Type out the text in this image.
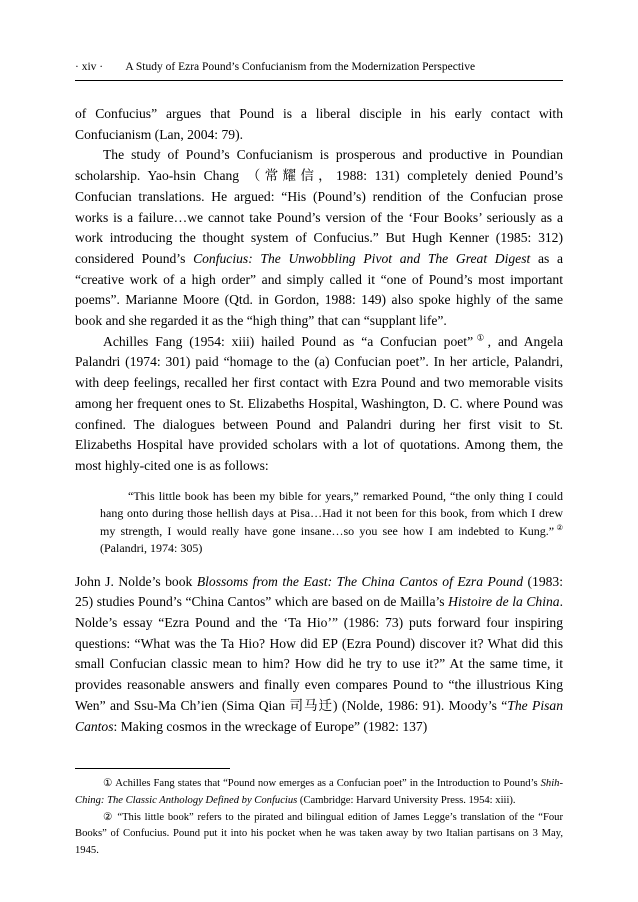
· xiv · A Study of Ezra Pound’s Confucianism from the Modernization Perspective

of Confucius” argues that Pound is a liberal disciple in his early contact with Confucianism (Lan, 2004: 79).

The study of Pound’s Confucianism is prosperous and productive in Poundian scholarship. Yao-hsin Chang （常耀信，1988: 131) completely denied Pound’s Confucian translations. He argued: “His (Pound’s) rendition of the Confucian prose works is a failure…we cannot take Pound’s version of the ‘Four Books’ seriously as a work introducing the thought system of Confucius.” But Hugh Kenner (1985: 312) considered Pound’s Confucius: The Unwobbling Pivot and The Great Digest as a “creative work of a high order” and simply called it “one of Pound’s most important poems”. Marianne Moore (Qtd. in Gordon, 1988: 149) also spoke highly of the same book and she regarded it as the “high thing” that can “supplant life”.

Achilles Fang (1954: xiii) hailed Pound as “a Confucian poet”①, and Angela Palandri (1974: 301) paid “homage to the (a) Confucian poet”. In her article, Palandri, with deep feelings, recalled her first contact with Ezra Pound and two memorable visits among her frequent ones to St. Elizabeths Hospital, Washington, D. C. where Pound was confined. The dialogues between Pound and Palandri during her first visit to St. Elizabeths Hospital have provided scholars with a lot of quotations. Among them, the most highly-cited one is as follows:

“This little book has been my bible for years,” remarked Pound, “the only thing I could hang onto during those hellish days at Pisa…Had it not been for this book, from which I drew my strength, I would really have gone insane…so you see how I am indebted to Kung.”② (Palandri, 1974: 305)

John J. Nolde’s book Blossoms from the East: The China Cantos of Ezra Pound (1983: 25) studies Pound’s “China Cantos” which are based on de Mailla’s Histoire de la China. Nolde’s essay “Ezra Pound and the ‘Ta Hio’” (1986: 73) puts forward four inspiring questions: “What was the Ta Hio? How did EP (Ezra Pound) discover it? What did this small Confucian classic mean to him? How did he try to use it?” At the same time, it provides reasonable answers and finally even compares Pound to “the illustrious King Wen” and Ssu-Ma Ch’ien (Sima Qian 司马迁) (Nolde, 1986: 91). Moody’s “The Pisan Cantos: Making cosmos in the wreckage of Europe” (1982: 137)

① Achilles Fang states that “Pound now emerges as a Confucian poet” in the Introduction to Pound’s Shih-Ching: The Classic Anthology Defined by Confucius (Cambridge: Harvard University Press. 1954: xiii).

② “This little book” refers to the pirated and bilingual edition of James Legge’s translation of the “Four Books” of Confucius. Pound put it into his pocket when he was taken away by two Italian partisans on 3 May, 1945.
